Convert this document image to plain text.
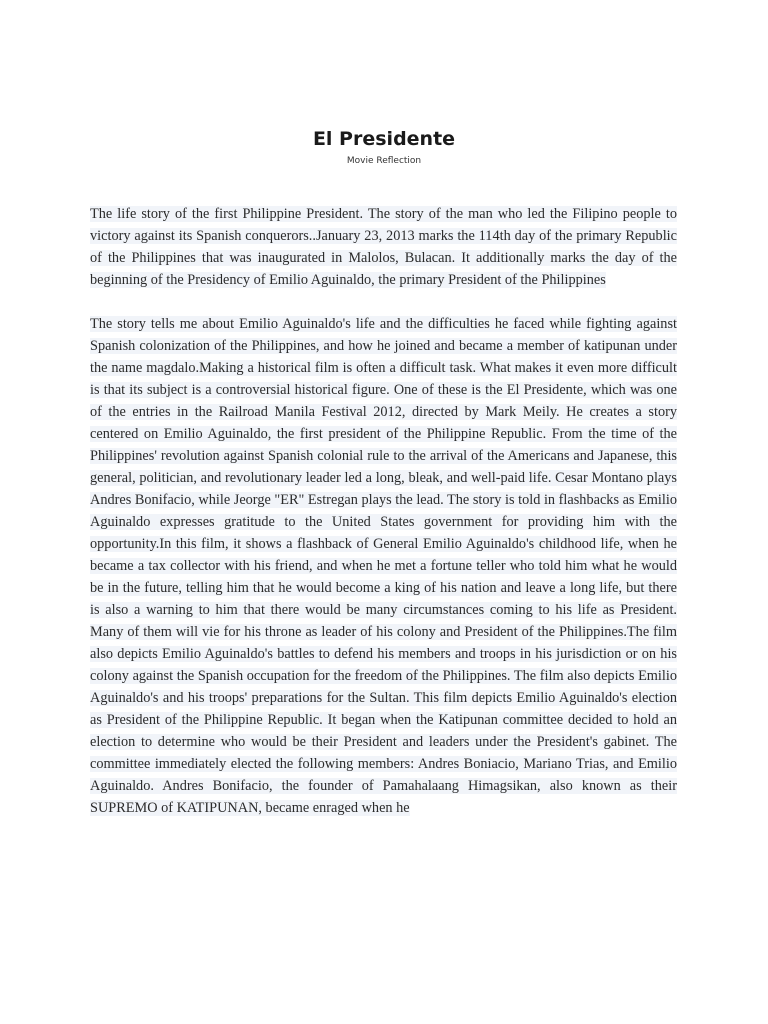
El Presidente
Movie Reflection

The life story of the first Philippine President. The story of the man who led the Filipino people to victory against its Spanish conquerors..January 23, 2013 marks the 114th day of the primary Republic of the Philippines that was inaugurated in Malolos, Bulacan. It additionally marks the day of the beginning of the Presidency of Emilio Aguinaldo, the primary President of the Philippines

The story tells me about Emilio Aguinaldo's life and the difficulties he faced while fighting against Spanish colonization of the Philippines, and how he joined and became a member of katipunan under the name magdalo.Making a historical film is often a difficult task. What makes it even more difficult is that its subject is a controversial historical figure. One of these is the El Presidente, which was one of the entries in the Railroad Manila Festival 2012, directed by Mark Meily. He creates a story centered on Emilio Aguinaldo, the first president of the Philippine Republic. From the time of the Philippines' revolution against Spanish colonial rule to the arrival of the Americans and Japanese, this general, politician, and revolutionary leader led a long, bleak, and well-paid life. Cesar Montano plays Andres Bonifacio, while Jeorge "ER" Estregan plays the lead. The story is told in flashbacks as Emilio Aguinaldo expresses gratitude to the United States government for providing him with the opportunity.In this film, it shows a flashback of General Emilio Aguinaldo's childhood life, when he became a tax collector with his friend, and when he met a fortune teller who told him what he would be in the future, telling him that he would become a king of his nation and leave a long life, but there is also a warning to him that there would be many circumstances coming to his life as President. Many of them will vie for his throne as leader of his colony and President of the Philippines.The film also depicts Emilio Aguinaldo's battles to defend his members and troops in his jurisdiction or on his colony against the Spanish occupation for the freedom of the Philippines. The film also depicts Emilio Aguinaldo's and his troops' preparations for the Sultan. This film depicts Emilio Aguinaldo's election as President of the Philippine Republic. It began when the Katipunan committee decided to hold an election to determine who would be their President and leaders under the President's gabinet. The committee immediately elected the following members: Andres Boniacio, Mariano Trias, and Emilio Aguinaldo. Andres Bonifacio, the founder of Pamahalaang Himagsikan, also known as their SUPREMO of KATIPUNAN, became enraged when he
